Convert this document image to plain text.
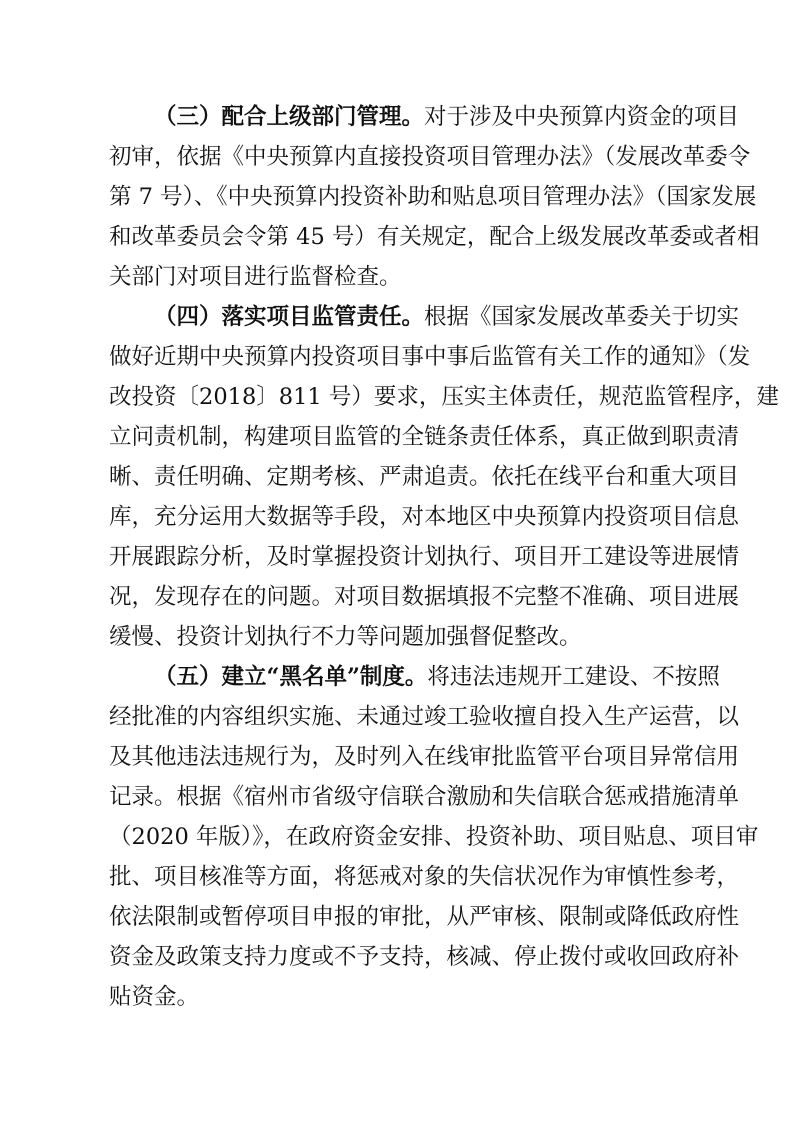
（三）配合上级部门管理。对于涉及中央预算内资金的项目
初审，依据《中央预算内直接投资项目管理办法》（发展改革委令
第 7 号）、《中央预算内投资补助和贴息项目管理办法》（国家发展
和改革委员会令第 45 号）有关规定，配合上级发展改革委或者相
关部门对项目进行监督检查。
（四）落实项目监管责任。根据《国家发展改革委关于切实
做好近期中央预算内投资项目事中事后监管有关工作的通知》（发
改投资〔2018〕811 号）要求，压实主体责任，规范监管程序，建
立问责机制，构建项目监管的全链条责任体系，真正做到职责清
晰、责任明确、定期考核、严肃追责。依托在线平台和重大项目
库，充分运用大数据等手段，对本地区中央预算内投资项目信息
开展跟踪分析，及时掌握投资计划执行、项目开工建设等进展情
况，发现存在的问题。对项目数据填报不完整不准确、项目进展
缓慢、投资计划执行不力等问题加强督促整改。
（五）建立“黑名单”制度。将违法违规开工建设、不按照
经批准的内容组织实施、未通过竣工验收擅自投入生产运营，以
及其他违法违规行为，及时列入在线审批监管平台项目异常信用
记录。根据《宿州市省级守信联合激励和失信联合惩戒措施清单
（2020 年版）》，在政府资金安排、投资补助、项目贴息、项目审
批、项目核准等方面，将惩戒对象的失信状况作为审慎性参考，
依法限制或暂停项目申报的审批，从严审核、限制或降低政府性
资金及政策支持力度或不予支持，核减、停止拨付或收回政府补
贴资金。
